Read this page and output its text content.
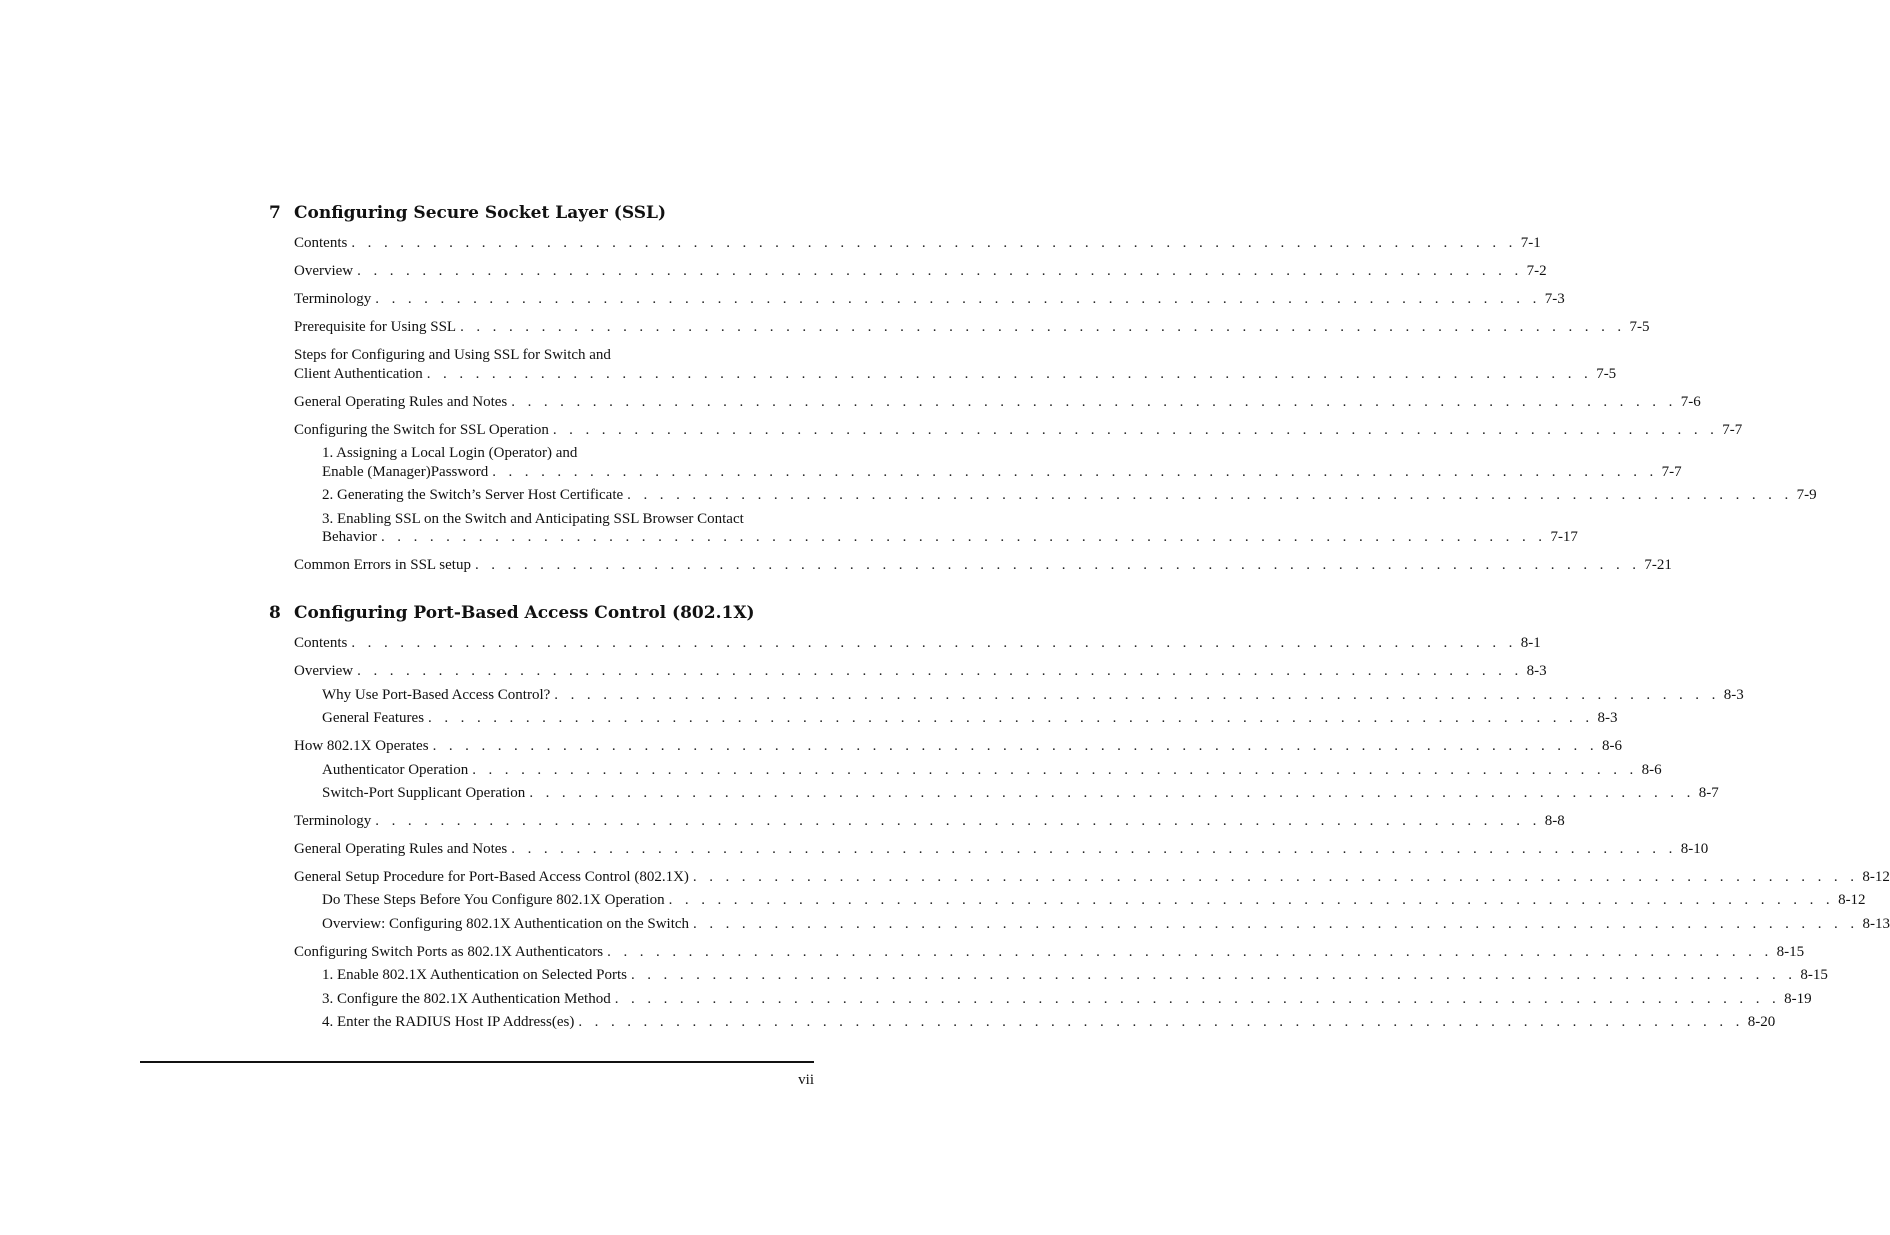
7 Configuring Secure Socket Layer (SSL)
Contents . . . . . . . . . . . . . . . . . . . . . . . . . . . . . . . . . . . . . . . . . . . . . . . . . . . . . . . . . . . . . . . . . . . . . . . . 7-1
Overview . . . . . . . . . . . . . . . . . . . . . . . . . . . . . . . . . . . . . . . . . . . . . . . . . . . . . . . . . . . . . . . . . . . . . . . . 7-2
Terminology . . . . . . . . . . . . . . . . . . . . . . . . . . . . . . . . . . . . . . . . . . . . . . . . . . . . . . . . . . . . . . . . . . . . . . . . 7-3
Prerequisite for Using SSL . . . . . . . . . . . . . . . . . . . . . . . . . . . . . . . . . . . . . . . . . . . . . . . . . . . . . . . . . . . . . . . . . . . . . . . . 7-5
Steps for Configuring and Using SSL for Switch and
Client Authentication . . . . . . . . . . . . . . . . . . . . . . . . . . . . . . . . . . . . . . . . . . . . . . . . . . . . . . . . . . . . . . . . . . . . . . . . 7-5
General Operating Rules and Notes . . . . . . . . . . . . . . . . . . . . . . . . . . . . . . . . . . . . . . . . . . . . . . . . . . . . . . . . . . . . . . . . . . . . . . . . 7-6
Configuring the Switch for SSL Operation . . . . . . . . . . . . . . . . . . . . . . . . . . . . . . . . . . . . . . . . . . . . . . . . . . . . . . . . . . . . . . . . . . . . . . . . 7-7
1. Assigning a Local Login (Operator) and
Enable (Manager)Password . . . . . . . . . . . . . . . . . . . . . . . . . . . . . . . . . . . . . . . . . . . . . . . . . . . . . . . . . . . . . . . . . . . . . . . . 7-7
2. Generating the Switch’s Server Host Certificate . . . . . . . . . . . . . . . . . . . . . . . . . . . . . . . . . . . . . . . . . . . . . . . . . . . . . . . . . . . . . . . . . . . . . . . . 7-9
3. Enabling SSL on the Switch and Anticipating SSL Browser Contact
Behavior . . . . . . . . . . . . . . . . . . . . . . . . . . . . . . . . . . . . . . . . . . . . . . . . . . . . . . . . . . . . . . . . . . . . . . . . 7-17
Common Errors in SSL setup . . . . . . . . . . . . . . . . . . . . . . . . . . . . . . . . . . . . . . . . . . . . . . . . . . . . . . . . . . . . . . . . . . . . . . . . 7-21
8 Configuring Port-Based Access Control (802.1X)
Contents . . . . . . . . . . . . . . . . . . . . . . . . . . . . . . . . . . . . . . . . . . . . . . . . . . . . . . . . . . . . . . . . . . . . . . . . 8-1
Overview . . . . . . . . . . . . . . . . . . . . . . . . . . . . . . . . . . . . . . . . . . . . . . . . . . . . . . . . . . . . . . . . . . . . . . . . 8-3
Why Use Port-Based Access Control? . . . . . . . . . . . . . . . . . . . . . . . . . . . . . . . . . . . . . . . . . . . . . . . . . . . . . . . . . . . . . . . . . . . . . . . . 8-3
General Features . . . . . . . . . . . . . . . . . . . . . . . . . . . . . . . . . . . . . . . . . . . . . . . . . . . . . . . . . . . . . . . . . . . . . . . . 8-3
How 802.1X Operates . . . . . . . . . . . . . . . . . . . . . . . . . . . . . . . . . . . . . . . . . . . . . . . . . . . . . . . . . . . . . . . . . . . . . . . . 8-6
Authenticator Operation . . . . . . . . . . . . . . . . . . . . . . . . . . . . . . . . . . . . . . . . . . . . . . . . . . . . . . . . . . . . . . . . . . . . . . . . 8-6
Switch-Port Supplicant Operation . . . . . . . . . . . . . . . . . . . . . . . . . . . . . . . . . . . . . . . . . . . . . . . . . . . . . . . . . . . . . . . . . . . . . . . . 8-7
Terminology . . . . . . . . . . . . . . . . . . . . . . . . . . . . . . . . . . . . . . . . . . . . . . . . . . . . . . . . . . . . . . . . . . . . . . . . 8-8
General Operating Rules and Notes . . . . . . . . . . . . . . . . . . . . . . . . . . . . . . . . . . . . . . . . . . . . . . . . . . . . . . . . . . . . . . . . . . . . . . . . 8-10
General Setup Procedure for Port-Based Access Control (802.1X) . . . . . . . . . . . . . . . . . . . . . . . . . . . . . . . . . . . . . . . . . . . . . . . . . . . . . . . . . . . . . . . . . . . . . . . . 8-12
Do These Steps Before You Configure 802.1X Operation . . . . . . . . . . . . . . . . . . . . . . . . . . . . . . . . . . . . . . . . . . . . . . . . . . . . . . . . . . . . . . . . . . . . . . . . 8-12
Overview: Configuring 802.1X Authentication on the Switch . . . . . . . . . . . . . . . . . . . . . . . . . . . . . . . . . . . . . . . . . . . . . . . . . . . . . . . . . . . . . . . . . . . . . . . . 8-13
Configuring Switch Ports as 802.1X Authenticators . . . . . . . . . . . . . . . . . . . . . . . . . . . . . . . . . . . . . . . . . . . . . . . . . . . . . . . . . . . . . . . . . . . . . . . . 8-15
1. Enable 802.1X Authentication on Selected Ports . . . . . . . . . . . . . . . . . . . . . . . . . . . . . . . . . . . . . . . . . . . . . . . . . . . . . . . . . . . . . . . . . . . . . . . . 8-15
3. Configure the 802.1X Authentication Method . . . . . . . . . . . . . . . . . . . . . . . . . . . . . . . . . . . . . . . . . . . . . . . . . . . . . . . . . . . . . . . . . . . . . . . . 8-19
4. Enter the RADIUS Host IP Address(es) . . . . . . . . . . . . . . . . . . . . . . . . . . . . . . . . . . . . . . . . . . . . . . . . . . . . . . . . . . . . . . . . . . . . . . . . 8-20
vii
